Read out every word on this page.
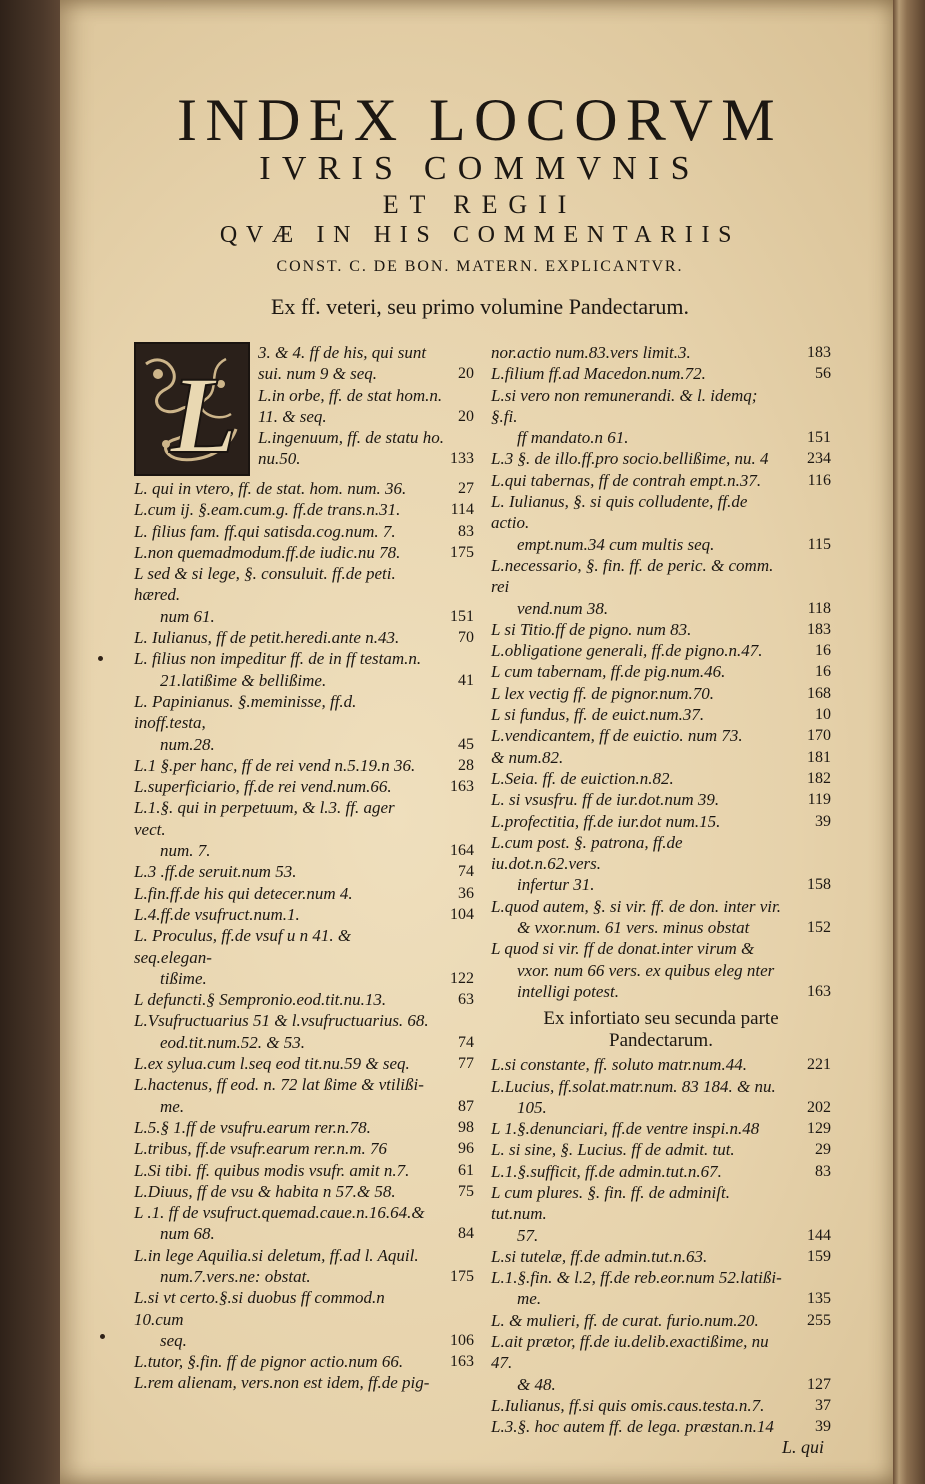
INDEX LOCORVM
IVRIS COMMVNIS
ET REGII
QVÆ IN HIS COMMENTARIIS
CONST. C. DE BON. MATERN. EXPLICANTVR.
Ex ff. veteri, seu primo volumine Pandectarum.
L
3. & 4. ff de his, qui sunt
sui. num 9 & seq.	20
L.in orbe, ff. de stat hom.n.
11. & seq.	20
L.ingenuum, ff. de statu ho.
nu.50.	133
L. qui in vtero, ff. de stat. hom. num. 36.	27
L.cum ij. §.eam.cum.g. ff.de trans.n.31.	114
L. filius fam. ff.qui satisda.cog.num. 7.	83
L.non quemadmodum.ff.de iudic.nu 78.	175
L sed & si lege, §. consuluit. ff.de peti. hæred.
num 61.	151
L. Iulianus, ff de petit.heredi.ante n.43.	70
L. filius non impeditur ff. de in ff testam.n.
21.latißime & bellißime.	41
L. Papinianus. §.meminisse, ff.d. inoff.testa,
num.28.	45
L.1 §.per hanc, ff de rei vend n.5.19.n 36.	28
L.superficiario, ff.de rei vend.num.66.	163
L.1.§. qui in perpetuum, & l.3. ff. ager vect.
num. 7.	164
L.3 .ff.de seruit.num 53.	74
L.fin.ff.de his qui detecer.num 4.	36
L.4.ff.de vsufruct.num.1.	104
L. Proculus, ff.de vsuf u n 41. & seq.elegan-
tißime.	122
L defuncti.§ Sempronio.eod.tit.nu.13.	63
L.Vsufructuarius 51 & l.vsufructuarius. 68.
eod.tit.num.52. & 53.	74
L.ex sylua.cum l.seq eod tit.nu.59 & seq.	77
L.hactenus, ff eod. n. 72 lat ßime & vtilißi-
me.	87
L.5.§ 1.ff de vsufru.earum rer.n.78.	98
L.tribus, ff.de vsufr.earum rer.n.m. 76	96
L.Si tibi. ff. quibus modis vsufr. amit n.7.	61
L.Diuus, ff de vsu & habita n 57.& 58.	75
L .1. ff de vsufruct.quemad.caue.n.16.64.&
num 68.	84
L.in lege Aquilia.si deletum, ff.ad l. Aquil.
num.7.vers.ne: obstat.	175
L.si vt certo.§.si duobus ff commod.n 10.cum
seq.	106
L.tutor, §.fin. ff de pignor actio.num 66.	163
L.rem alienam, vers.non est idem, ff.de pig-
nor.actio num.83.vers limit.3.	183
L.filium ff.ad Macedon.num.72.	56
L.si vero non remunerandi. & l. idemq; §.fi.
ff mandato.n 61.	151
L.3 §. de illo.ff.pro socio.bellißime, nu. 4	234
L.qui tabernas, ff de contrah empt.n.37.	116
L. Iulianus, §. si quis colludente, ff.de actio.
empt.num.34 cum multis seq.	115
L.necessario, §. fin. ff. de peric. & comm. rei
vend.num 38.	118
L si Titio.ff de pigno. num 83.	183
L.obligatione generali, ff.de pigno.n.47.	16
L cum tabernam, ff.de pig.num.46.	16
L lex vectig ff. de pignor.num.70.	168
L si fundus, ff. de euict.num.37.	10
L.vendicantem, ff de euictio. num 73.	170
& num.82.	181
L.Seia. ff. de euiction.n.82.	182
L. si vsusfru. ff de iur.dot.num 39.	119
L.profectitia, ff.de iur.dot num.15.	39
L.cum post. §. patrona, ff.de iu.dot.n.62.vers.
infertur 31.	158
L.quod autem, §. si vir. ff. de don. inter vir.
& vxor.num. 61 vers. minus obstat	152
L quod si vir. ff de donat.inter virum &
vxor. num 66 vers. ex quibus eleg nter intelligi potest.	163
Ex infortiato seu secunda parte Pandectarum.
L.si constante, ff. soluto matr.num.44.	221
L.Lucius, ff.solat.matr.num. 83 184. & nu.
105.	202
L 1.§.denunciari, ff.de ventre inspi.n.48	129
L. si sine, §. Lucius. ff de admit. tut.	29
L.1.§.sufficit, ff.de admin.tut.n.67.	83
L cum plures. §. fin. ff. de adminiſt. tut.num.
57.	144
L.si tutelæ, ff.de admin.tut.n.63.	159
L.1.§.fin. & l.2, ff.de reb.eor.num 52.latißi-
me.	135
L. & mulieri, ff. de curat. furio.num.20.	255
L.ait prætor, ff.de iu.delib.exactißime, nu 47.
& 48.	127
L.Iulianus, ff.si quis omis.caus.testa.n.7.	37
L.3.§. hoc autem ff. de lega. præstan.n.14	39
L. qui
